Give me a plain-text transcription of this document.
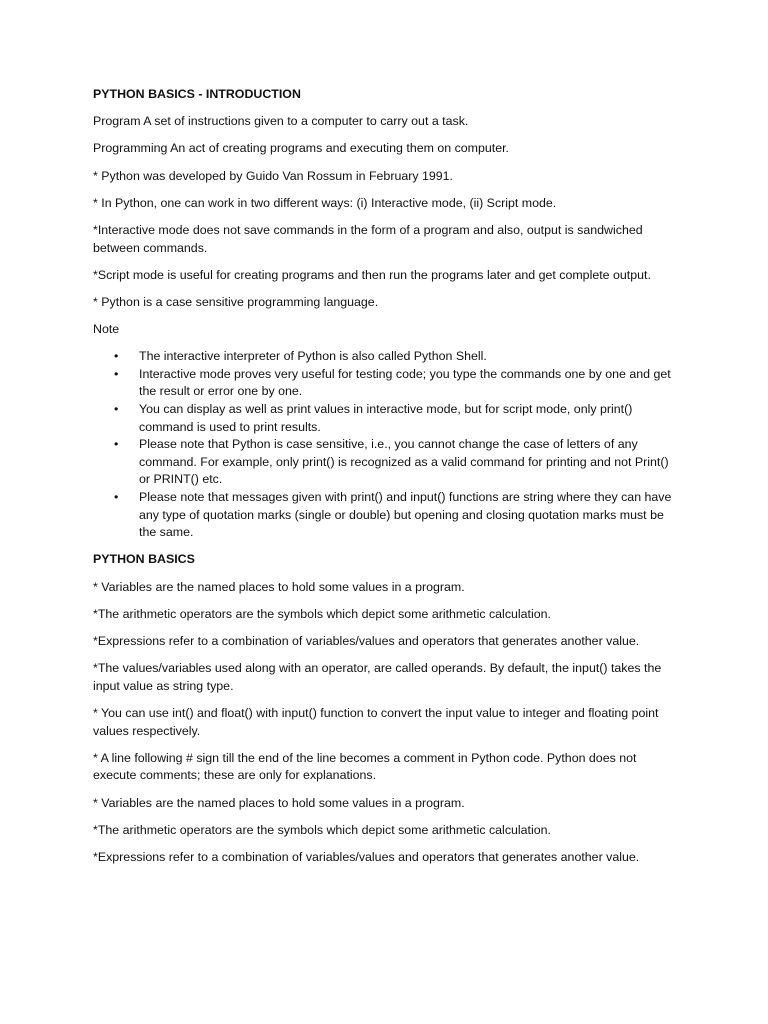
PYTHON BASICS - INTRODUCTION

Program A set of instructions given to a computer to carry out a task.

Programming An act of creating programs and executing them on computer.

* Python was developed by Guido Van Rossum in February 1991.

* In Python, one can work in two different ways: (i) Interactive mode, (ii) Script mode.

*Interactive mode does not save commands in the form of a program and also, output is sandwiched between commands.

*Script mode is useful for creating programs and then run the programs later and get complete output.

* Python is a case sensitive programming language.

Note

• The interactive interpreter of Python is also called Python Shell.
• Interactive mode proves very useful for testing code; you type the commands one by one and get the result or error one by one.
• You can display as well as print values in interactive mode, but for script mode, only print() command is used to print results.
• Please note that Python is case sensitive, i.e., you cannot change the case of letters of any command. For example, only print() is recognized as a valid command for printing and not Print() or PRINT() etc.
• Please note that messages given with print() and input() functions are string where they can have any type of quotation marks (single or double) but opening and closing quotation marks must be the same.
PYTHON BASICS

* Variables are the named places to hold some values in a program.

*The arithmetic operators are the symbols which depict some arithmetic calculation.

*Expressions refer to a combination of variables/values and operators that generates another value.

*The values/variables used along with an operator, are called operands. By default, the input() takes the input value as string type.

* You can use int() and float() with input() function to convert the input value to integer and floating point values respectively.

* A line following # sign till the end of the line becomes a comment in Python code. Python does not execute comments; these are only for explanations.

* Variables are the named places to hold some values in a program.

*The arithmetic operators are the symbols which depict some arithmetic calculation.

*Expressions refer to a combination of variables/values and operators that generates another value.
